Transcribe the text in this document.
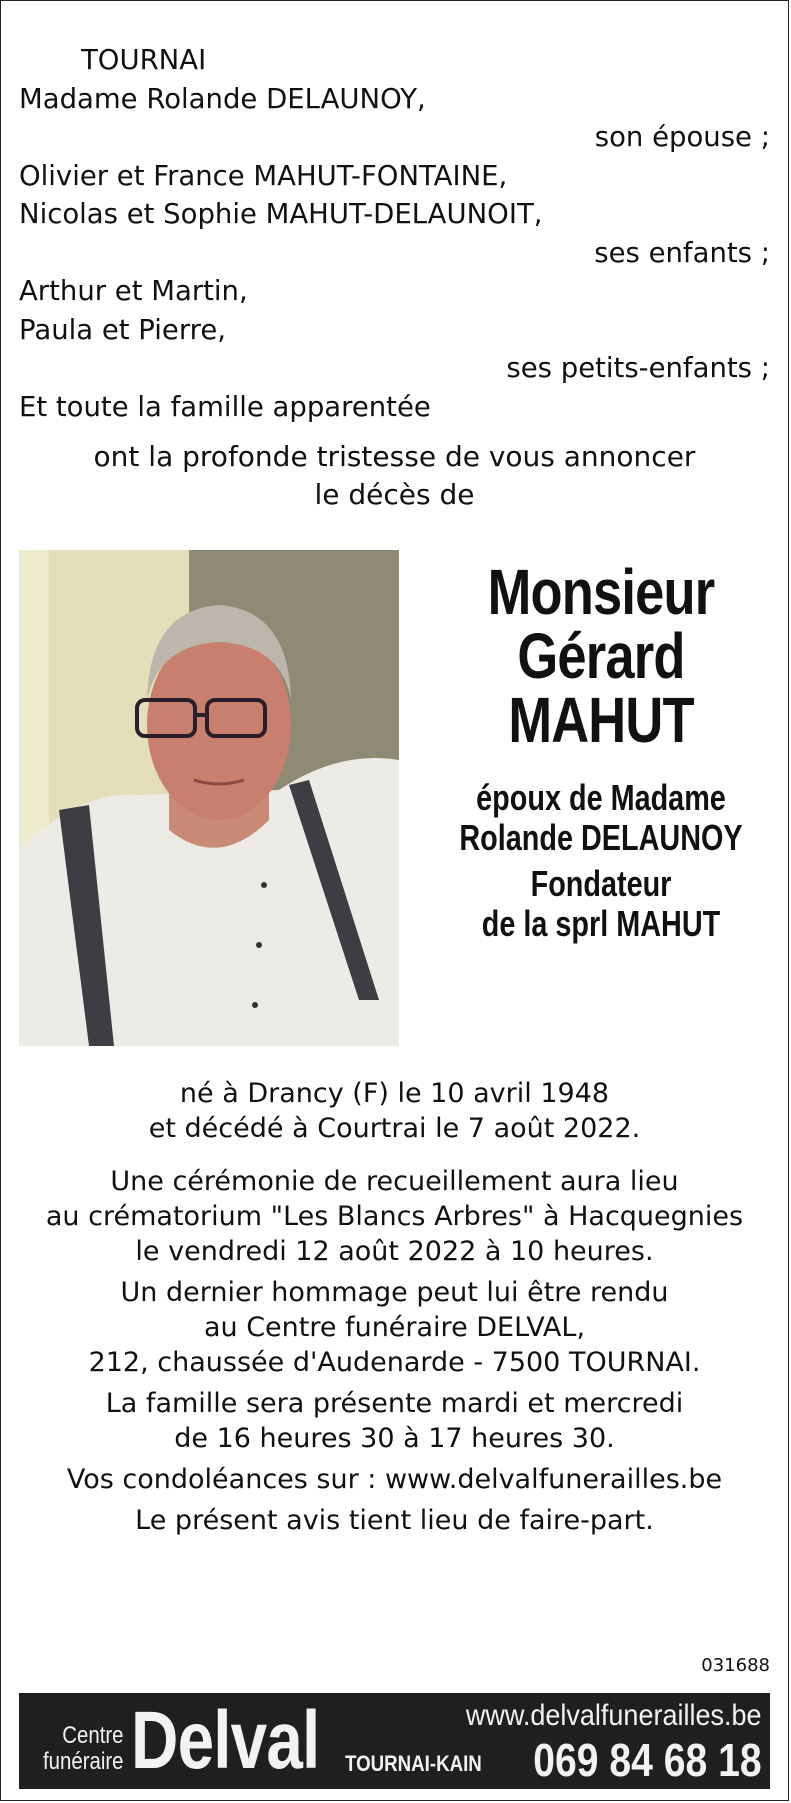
TOURNAI
Madame Rolande DELAUNOY,
son épouse ;
Olivier et France MAHUT-FONTAINE,
Nicolas et Sophie MAHUT-DELAUNOIT,
ses enfants ;
Arthur et Martin,
Paula et Pierre,
ses petits-enfants ;
Et toute la famille apparentée
ont la profonde tristesse de vous annoncer
le décès de
Monsieur
Gérard
MAHUT
époux de Madame
Rolande DELAUNOY
Fondateur
de la sprl MAHUT
né à Drancy (F) le 10 avril 1948
et décédé à Courtrai le 7 août 2022.
Une cérémonie de recueillement aura lieu
au crématorium "Les Blancs Arbres" à Hacquegnies
le vendredi 12 août 2022 à 10 heures.
Un dernier hommage peut lui être rendu
au Centre funéraire DELVAL,
212, chaussée d'Audenarde - 7500 TOURNAI.
La famille sera présente mardi et mercredi
de 16 heures 30 à 17 heures 30.
Vos condoléances sur : www.delvalfunerailles.be
Le présent avis tient lieu de faire-part.
031688
Centre
funéraire Delval	www.delvalfunerailles.be
TOURNAI-KAIN 069 84 68 18
